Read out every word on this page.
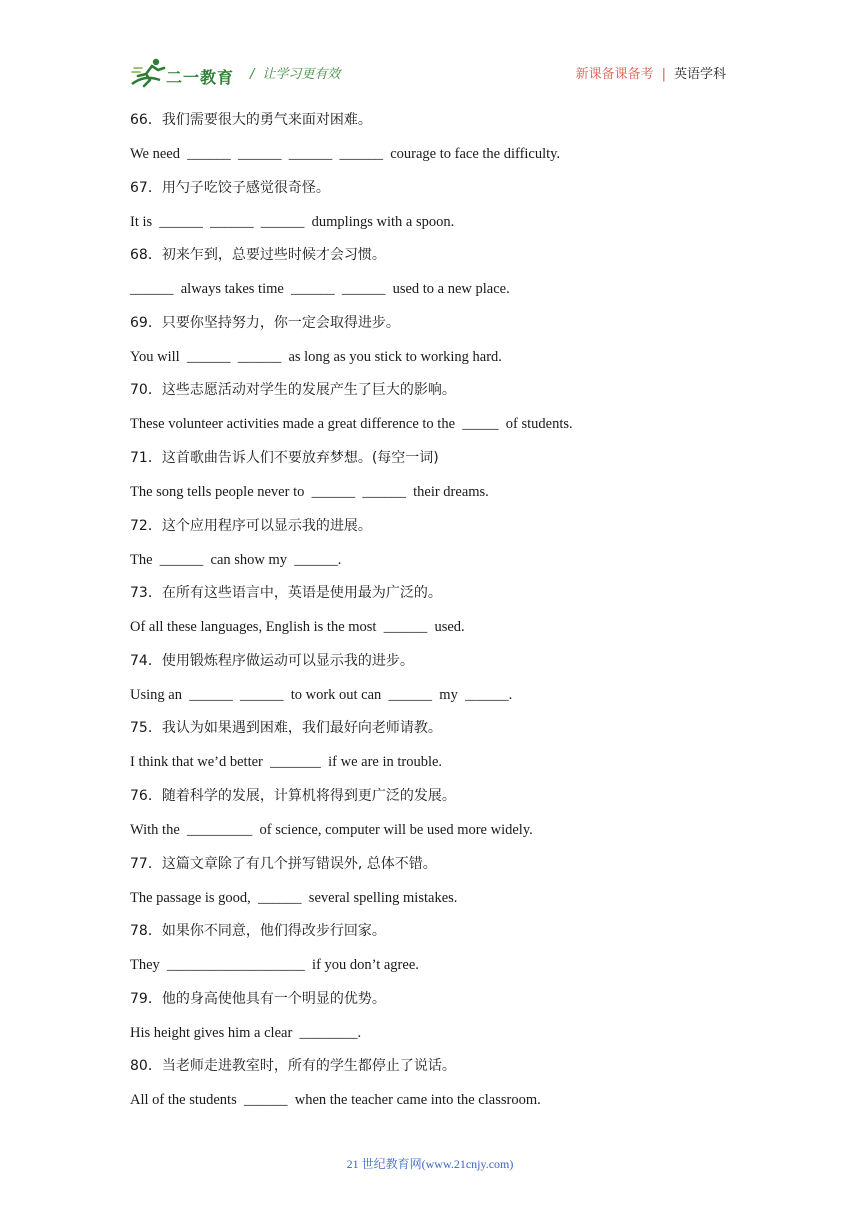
二一教育 / 让学习更有效	新课备课备考 | 英语学科
66．我们需要很大的勇气来面对困难。
We need  ______  ______  ______  ______  courage to face the difficulty.
67．用勺子吃饺子感觉很奇怪。
It is  ______  ______  ______  dumplings with a spoon.
68．初来乍到，总要过些时候才会习惯。
______  always takes time  ______  ______  used to a new place.
69．只要你坚持努力，你一定会取得进步。
You will  ______  ______  as long as you stick to working hard.
70．这些志愿活动对学生的发展产生了巨大的影响。
These volunteer activities made a great difference to the  _____  of students.
71．这首歌曲告诉人们不要放弃梦想。(每空一词)
The song tells people never to  ______  ______  their dreams.
72．这个应用程序可以显示我的进展。
The  ______  can show my  ______.
73．在所有这些语言中，英语是使用最为广泛的。
Of all these languages, English is the most  ______  used.
74．使用锻炼程序做运动可以显示我的进步。
Using an  ______  ______  to work out can  ______  my  ______.
75．我认为如果遇到困难，我们最好向老师请教。
I think that we’d better  _______  if we are in trouble.
76．随着科学的发展，计算机将得到更广泛的发展。
With the  _________  of science, computer will be used more widely.
77．这篇文章除了有几个拼写错误外, 总体不错。
The passage is good,  ______  several spelling mistakes.
78．如果你不同意，他们得改步行回家。
They  ___________________  if you don’t agree.
79．他的身高使他具有一个明显的优势。
His height gives him a clear  ________.
80．当老师走进教室时，所有的学生都停止了说话。
All of the students  ______  when the teacher came into the classroom.
21 世纪教育网(www.21cnjy.com)
